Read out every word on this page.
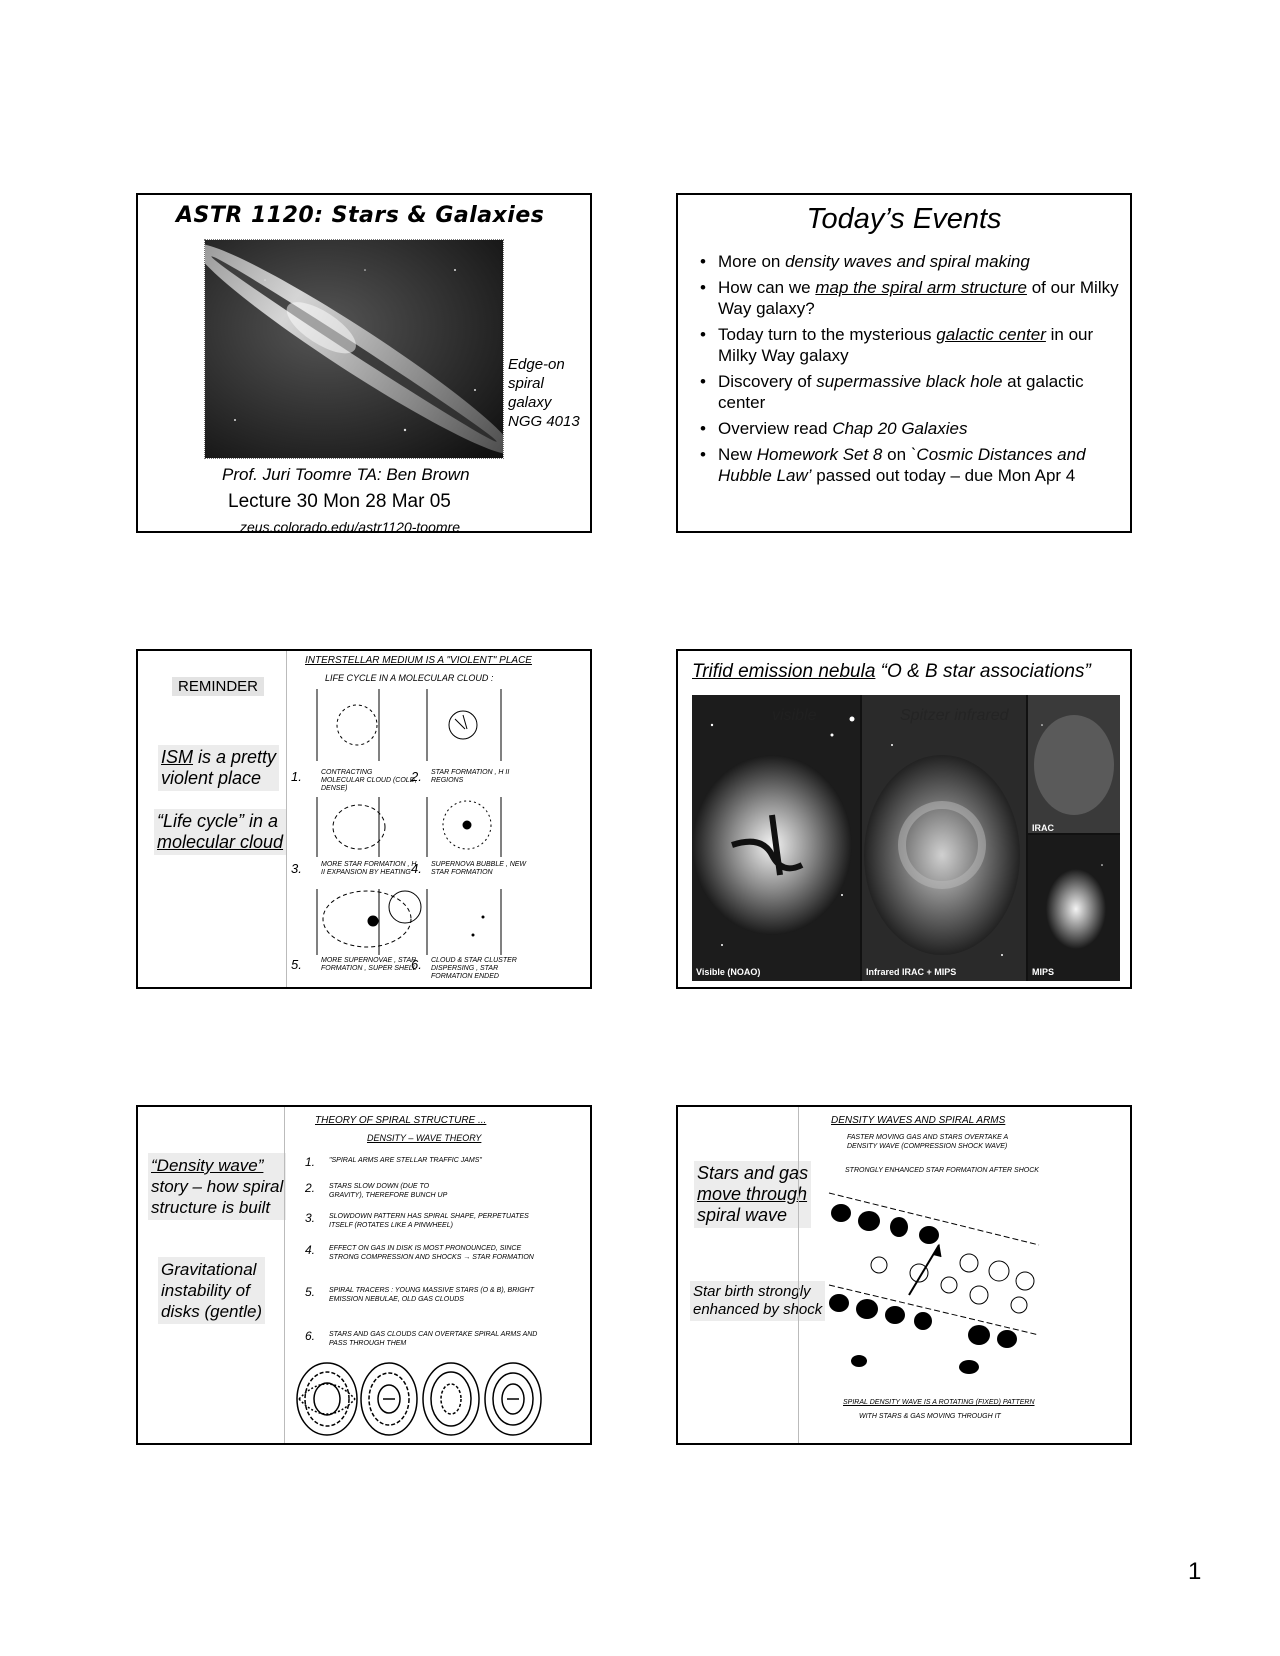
ASTR 1120: Stars & Galaxies
Edge-on
spiral galaxy
NGG 4013
Prof. Juri Toomre TA: Ben Brown
Lecture 30 Mon 28 Mar 05
zeus.colorado.edu/astr1120-toomre
Today’s Events
• More on density waves and spiral making
• How can we map the spiral arm structure of our Milky Way galaxy?
• Today turn to the mysterious galactic center in our Milky Way galaxy
• Discovery of supermassive black hole at galactic center
• Overview read Chap 20 Galaxies
• New Homework Set 8 on `Cosmic Distances and Hubble Law’ passed out today – due Mon Apr 4
REMINDER
ISM is a pretty
violent place
“Life cycle” in a
molecular cloud
INTERSTELLAR MEDIUM IS A "VIOLENT" PLACE
LIFE CYCLE IN A MOLECULAR CLOUD :
1.	CONTRACTING MOLECULAR CLOUD (COLD, DENSE)
2. STAR FORMATION , H II REGIONS
3.	MORE STAR FORMATION , H II EXPANSION BY HEATING 4. SUPERNOVA BUBBLE , NEW STAR FORMATION
5.	MORE SUPERNOVAE , STAR FORMATION , SUPER SHELL
6. CLOUD & STAR CLUSTER DISPERSING , STAR FORMATION ENDED
Trifid emission nebula “O & B star associations”
visible	Spitzer infrared
IRAC
Visible (NOAO)	Infrared IRAC + MIPS	MIPS
“Density wave”
story – how spiral
structure is built
Gravitational
instability of
disks (gentle)
THEORY OF SPIRAL STRUCTURE ...
DENSITY – WAVE THEORY
1. "SPIRAL ARMS ARE STELLAR TRAFFIC JAMS"
2. STARS SLOW DOWN (DUE TO GRAVITY), THEREFORE BUNCH UP
3. SLOWDOWN PATTERN HAS SPIRAL SHAPE, PERPETUATES ITSELF (ROTATES LIKE A PINWHEEL)
4. EFFECT ON GAS IN DISK IS MOST PRONOUNCED, SINCE STRONG COMPRESSION AND SHOCKS → STAR FORMATION
5. SPIRAL TRACERS : YOUNG MASSIVE STARS (O & B), BRIGHT EMISSION NEBULAE, OLD GAS CLOUDS
6. STARS AND GAS CLOUDS CAN OVERTAKE SPIRAL ARMS AND PASS THROUGH THEM
Stars and gas
move through
spiral wave
Star birth strongly
enhanced by shock
DENSITY WAVES AND SPIRAL ARMS
FASTER MOVING GAS AND STARS OVERTAKE A DENSITY WAVE (COMPRESSION SHOCK WAVE)
STRONGLY ENHANCED STAR FORMATION AFTER SHOCK
SPIRAL DENSITY WAVE IS A ROTATING (FIXED) PATTERN
WITH STARS & GAS MOVING THROUGH IT
1
